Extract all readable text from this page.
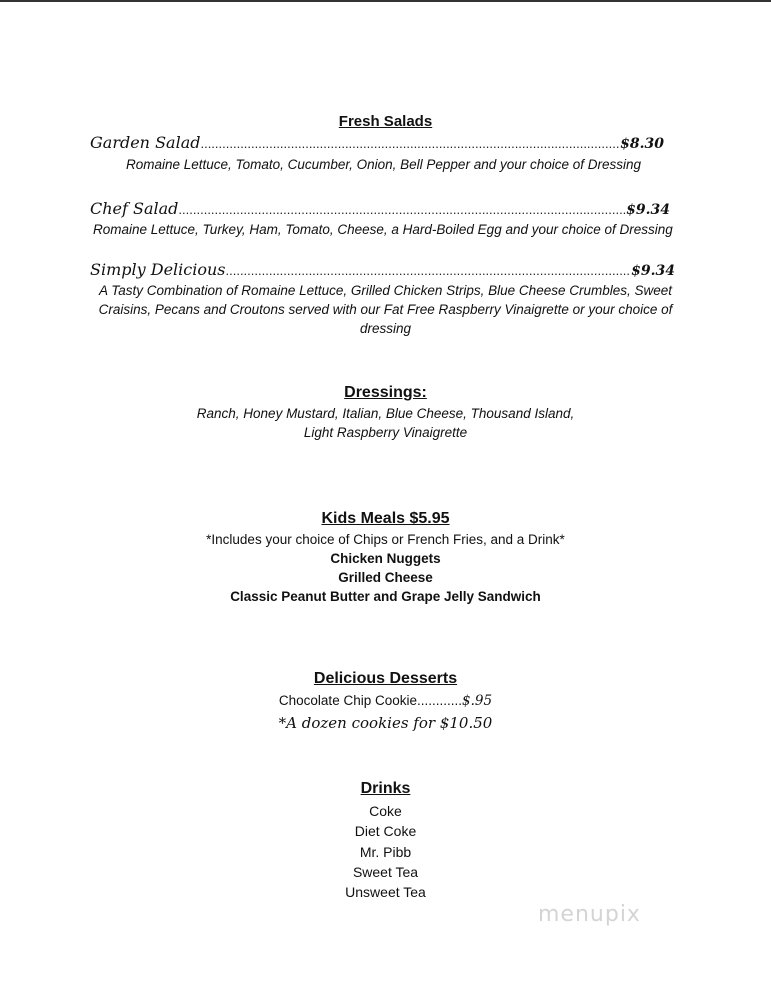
Fresh Salads
Garden Salad .....	$8.30
Romaine Lettuce, Tomato, Cucumber, Onion, Bell Pepper and your choice of Dressing
Chef Salad .....	$9.34
Romaine Lettuce, Turkey, Ham, Tomato, Cheese, a Hard-Boiled Egg and your choice of Dressing
Simply Delicious .....	$9.34
A Tasty Combination of Romaine Lettuce, Grilled Chicken Strips, Blue Cheese Crumbles, Sweet
Craisins, Pecans and Croutons served with our Fat Free Raspberry Vinaigrette or your choice of
dressing
Dressings:
Ranch, Honey Mustard, Italian, Blue Cheese, Thousand Island,
Light Raspberry Vinaigrette
Kids Meals $5.95
*Includes your choice of Chips or French Fries, and a Drink*
Chicken Nuggets
Grilled Cheese
Classic Peanut Butter and Grape Jelly Sandwich
Delicious Desserts
Chocolate Chip Cookie............$.95
*A dozen cookies for $10.50
Drinks
Coke
Diet Coke
Mr. Pibb
Sweet Tea
Unsweet Tea
menupix
